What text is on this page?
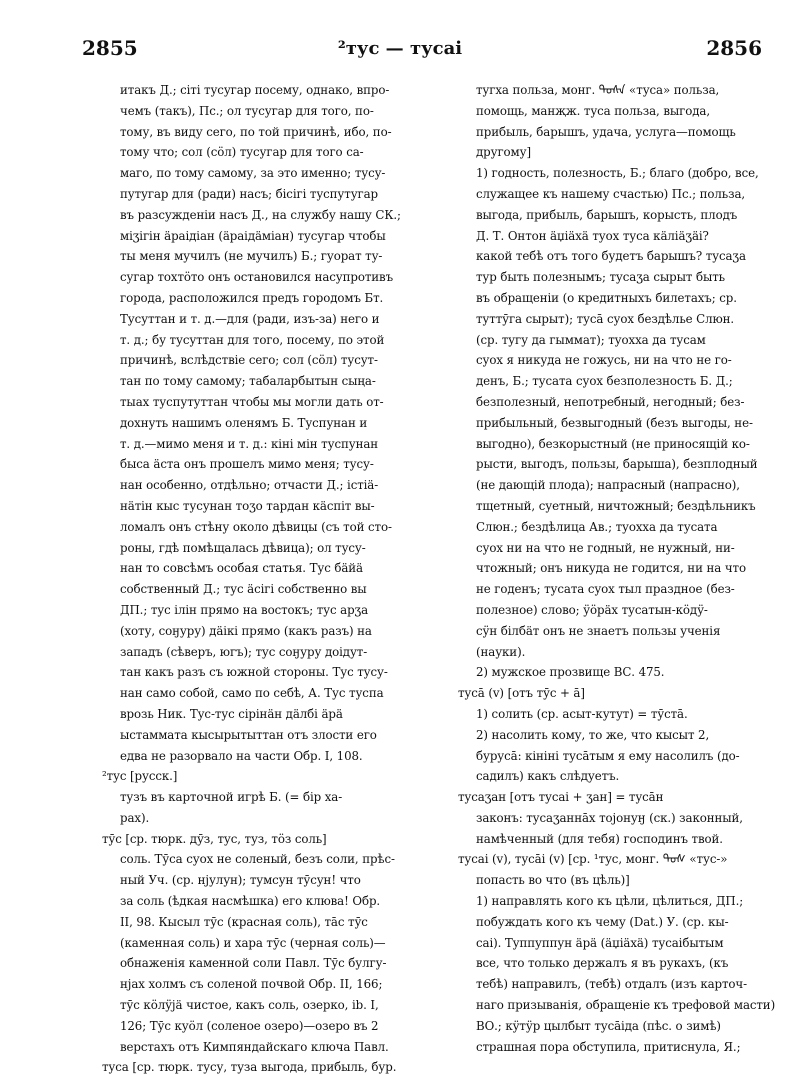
2855	²тус — тусаі	2856
итакъ Д.; сіті тусугар посему, однако, впро-
чемъ (такъ), Пс.; ол тусугар для того, по-
тому, въ виду сего, по той причинѣ, ибо, по-
тому что; сол (сӧл) тусугар для того са-
маго, по тому самому, за это именно; тусу-
путугар для (ради) насъ; бісігі туспутугар
въ разсужденіи насъ Д., на службу нашу СК.;
міӡігін äраідіан (äраідäміан) тусугар чтобы
ты меня мучилъ (не мучилъ) Б.; гуорат ту-
сугар тохтӧто онъ остановился насупротивъ
города, расположился предъ городомъ Бт.
Тусуттан и т. д.—для (ради, изъ-за) него и
т. д.; бу тусуттан для того, посему, по этой
причинѣ, вслѣдствіе сего; сол (сӧл) тусут-
тан по тому самому; табаларбытын сыңа-
тыах туспутуттан чтобы мы могли дать от-
дохнуть нашимъ оленямъ Б. Туспунан и
т. д.—мимо меня и т. д.: кіні мін туспунан
быса äста онъ прошелъ мимо меня; тусу-
нан особенно, отдѣльно; отчасти Д.; істіä-
нäтін кыс тусунан тоӡо тардан кäспіт вы-
ломалъ онъ стѣну около дѣвицы (съ той сто-
роны, гдѣ помѣщалась дѣвица); ол тусу-
нан то совсѣмъ особая статья. Тус бäйä
собственный Д.; тус äсігі собственно вы
ДП.; тус ілін прямо на востокъ; тус арӡа
(хоту, соӈуру) дäікі прямо (какъ разъ) на
западъ (сѣверъ, югъ); тус соӈуру доідут-
тан какъ разъ съ южной стороны. Тус тусу-
нан само собой, само по себѣ, А. Тус туспа
врозь Ник. Тус-тус сірінäн дäлбі äрä
ыстаммата кысырытыттан отъ злости его
едва не разорвало на части Обр. I, 108.
²тус [русск.]
тузъ въ карточной игрѣ Б. (= бір ха-
рах).
тӯс [ср. тюрк. дӯз, тус, туз, тӧз соль]
соль. Тӯса суох не соленый, безъ соли, прѣс-
ный Уч. (ср. нјулун); тумсун тӯсун! что
за соль (ѣдкая насмѣшка) его клюва! Обр.
II, 98. Кысыл тӯс (красная соль), тāс тӯс
(каменная соль) и хара тӯс (черная соль)—
обнаженія каменной соли Павл. Тӯс булгу-
нјах холмъ съ соленой почвой Обр. II, 166;
тӯс кӧлӱјä чистое, какъ соль, озерко, ib. I,
126; Тӯс куӧл (соленое озеро)—озеро въ 2
верстахъ отъ Кимпяндайскаго ключа Павл.
туса [ср. тюрк. тусу, туза выгода, прибыль, бур.
тугха польза, монг. ᠲᠤᠰᠠ «туса» польза,
помощь, манҗж. туса польза, выгода,
прибыль, барышъ, удача, услуга—помощь
другому]
1) годность, полезность, Б.; благо (добро, все,
служащее къ нашему счастью) Пс.; польза,
выгода, прибыль, барышъ, корысть, плодъ
Д. Т. Онтон äџіäхä туох туса кäліäӡäі?
какой тебѣ отъ того будетъ барышъ? тусаӡа
тур быть полезнымъ; тусаӡа сырыт быть
въ обращеніи (о кредитныхъ билетахъ; ср.
туттӯга сырыт); тусā суох бездѣлье Слюн.
(ср. тугу да гыммат); туохха да тусам
суох я никуда не гожусь, ни на что не го-
денъ, Б.; тусата суох безполезность Б. Д.;
безполезный, непотребный, негодный; без-
прибыльный, безвыгодный (безъ выгоды, не-
выгодно), безкорыстный (не приносящій ко-
рысти, выгодъ, пользы, барыша), безплодный
(не дающій плода); напрасный (напрасно),
тщетный, суетный, ничтожный; бездѣльникъ
Слюн.; бездѣлица Ав.; туохха да тусата
суох ни на что не годный, не нужный, ни-
чтожный; онъ никуда не годится, ни на что
не годенъ; тусата суох тыл праздное (без-
полезное) слово; ӱӧрäх тусатын-кӧдӱ-
сӱн білбäт онъ не знаетъ пользы ученія
(науки).
2) мужское прозвище ВС. 475.
тусā (v) [отъ тӯс + ā]
1) солить (ср. асыт-кутут) = тӯстā.
2) насолить кому, то же, что кысыт 2,
бурусā: кініні тусāтым я ему насолилъ (до-
садилъ) какъ слѣдуетъ.
тусаӡан [отъ тусаі + ӡан] = тусāн
законъ: тусаӡаннāх тоjонуӈ (ск.) законный,
намѣченный (для тебя) господинъ твой.
тусаі (v), тусāі (v) [ср. ¹тус, монг. ᠲᠤᠰ «тус-»
попасть во что (въ цѣль)]
1) направлять кого къ цѣли, цѣлиться, ДП.;
побуждать кого къ чему (Dat.) У. (ср. кы-
саі). Туппуппун äрä (äџіäхä) тусаібытым
все, что только держалъ я въ рукахъ, (къ
тебѣ) направилъ, (тебѣ) отдалъ (изъ карточ-
наго призыванія, обращеніе къ трефовой масти)
ВО.; кӱтӱр цылбыт тусāіда (пѣс. о зимѣ)
страшная пора обступила, притиснула, Я.;
